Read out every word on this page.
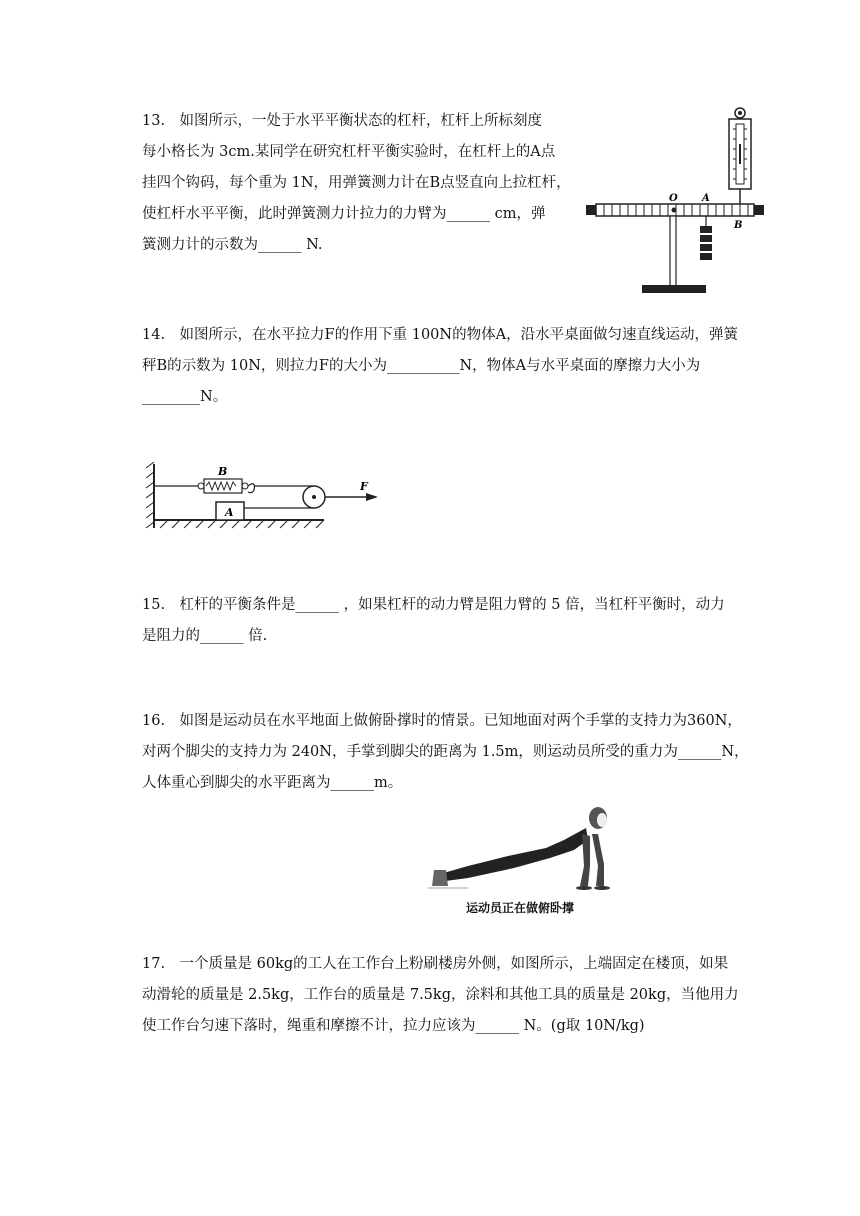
13.　如图所示，一处于水平平衡状态的杠杆，杠杆上所标刻度
每小格长为 3cm.某同学在研究杠杆平衡实验时，在杠杆上的A点
挂四个钩码，每个重为 1N，用弹簧测力计在B点竖直向上拉杠杆，
使杠杆水平平衡，此时弹簧测力计拉力的力臂为______ cm，弹
簧测力计的示数为______ N.
O A
B
14.　如图所示，在水平拉力F的作用下重 100N的物体A，沿水平桌面做匀速直线运动，弹簧
秤B的示数为 10N，则拉力F的大小为__________N，物体A与水平桌面的摩擦力大小为
________N。
B
A
F
15.　杠杆的平衡条件是______ ，如果杠杆的动力臂是阻力臂的 5 倍，当杠杆平衡时，动力
是阻力的______ 倍.
16.　如图是运动员在水平地面上做俯卧撑时的情景。已知地面对两个手掌的支持力为360N，
对两个脚尖的支持力为 240N，手掌到脚尖的距离为 1.5m，则运动员所受的重力为______N，
人体重心到脚尖的水平距离为______m。
运动员正在做俯卧撑
17.　一个质量是 60kg的工人在工作台上粉刷楼房外侧，如图所示，上端固定在楼顶，如果
动滑轮的质量是 2.5kg，工作台的质量是 7.5kg，涂料和其他工具的质量是 20kg，当他用力
使工作台匀速下落时，绳重和摩擦不计，拉力应该为______ N。(g取 10N/kg)
